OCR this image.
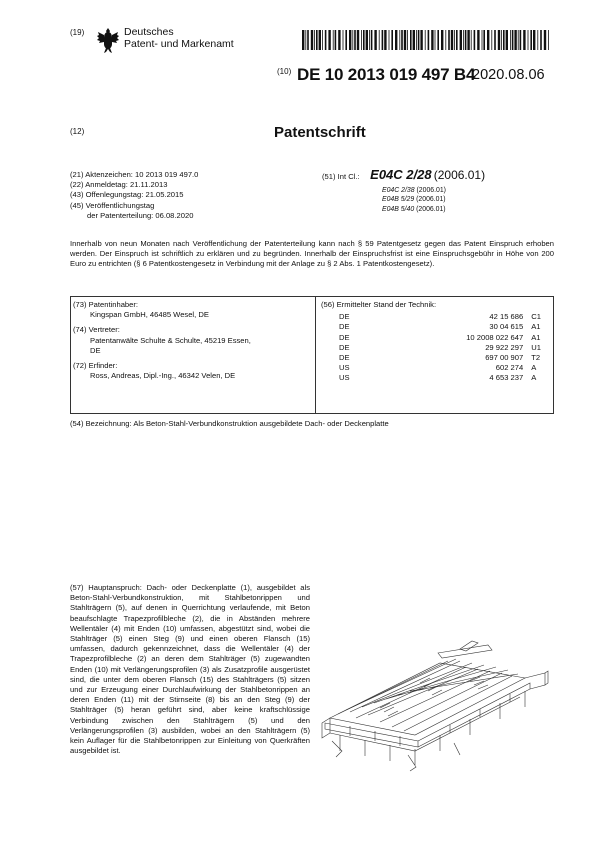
(19)	Deutsches
Patent- und Markenamt
(10) DE 10 2013 019 497 B4
2020.08.06
(12)	Patentschrift
(21) Aktenzeichen: 10 2013 019 497.0
(22) Anmeldetag: 21.11.2013
(43) Offenlegungstag: 21.05.2015
(45) Veröffentlichungstag
der Patenterteilung: 06.08.2020
(51) Int Cl.: E04C 2/28 (2006.01)
E04C 2/38 (2006.01)
E04B 5/29 (2006.01)
E04B 5/40 (2006.01)
Innerhalb von neun Monaten nach Veröffentlichung der Patenterteilung kann nach § 59 Patentgesetz gegen das Patent Einspruch erhoben werden. Der Einspruch ist schriftlich zu erklären und zu begründen. Innerhalb der Einspruchsfrist ist eine Einspruchsgebühr in Höhe von 200 Euro zu entrichten (§ 6 Patentkostengesetz in Verbindung mit der Anlage zu § 2 Abs. 1 Patentkostengesetz).
(73) Patentinhaber:
Kingspan GmbH, 46485 Wesel, DE
(74) Vertreter:
Patentanwälte Schulte & Schulte, 45219 Essen,
DE
(72) Erfinder:
Ross, Andreas, Dipl.-Ing., 46342 Velen, DE
(56) Ermittelter Stand der Technik:
DE	42 15 686	C1
DE	30 04 615	A1
DE	10 2008 022 647	A1
DE	29 922 297	U1
DE	697 00 907	T2
US	602 274	A
US	4 653 237	A
(54) Bezeichnung: Als Beton-Stahl-Verbundkonstruktion ausgebildete Dach- oder Deckenplatte
(57) Hauptanspruch: Dach- oder Deckenplatte (1), ausgebildet als Beton-Stahl-Verbundkonstruktion, mit Stahlbetonrippen und Stahlträgern (5), auf denen in Querrichtung verlaufende, mit Beton beaufschlagte Trapezprofilbleche (2), die in Abständen mehrere Wellentäler (4) mit Enden (10) umfassen, abgestützt sind, wobei die Stahlträger (5) einen Steg (9) und einen oberen Flansch (15) umfassen, dadurch gekennzeichnet, dass die Wellentäler (4) der Trapezprofilbleche (2) an deren dem Stahlträger (5) zugewandten Enden (10) mit Verlängerungsprofilen (3) als Zusatzprofile ausgerüstet sind, die unter dem oberen Flansch (15) des Stahlträgers (5) sitzen und zur Erzeugung einer Durchlaufwirkung der Stahlbetonrippen an deren Enden (11) mit der Stirnseite (8) bis an den Steg (9) der Stahlträger (5) heran geführt sind, aber keine kraftschlüssige Verbindung zwischen den Stahlträgern (5) und den Verlängerungsprofilen (3) ausbilden, wobei an den Stahlträgern (5) kein Auflager für die Stahlbetonrippen zur Einleitung von Querkräften ausgebildet ist.
